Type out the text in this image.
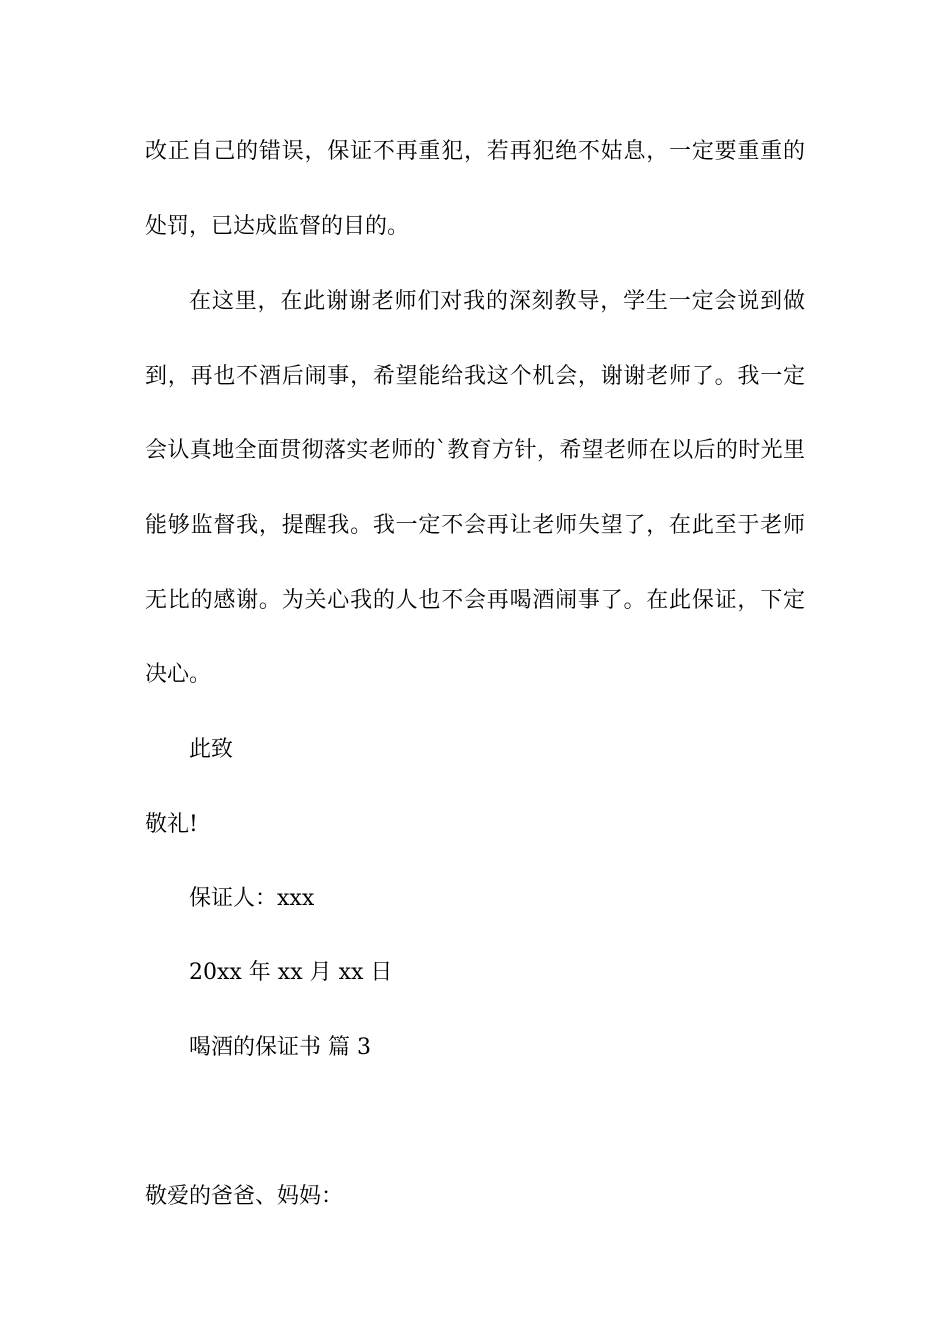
改正自己的错误，保证不再重犯，若再犯绝不姑息，一定要重重的
处罚，已达成监督的目的。
在这里，在此谢谢老师们对我的深刻教导，学生一定会说到做
到，再也不酒后闹事，希望能给我这个机会，谢谢老师了。我一定
会认真地全面贯彻落实老师的`教育方针，希望老师在以后的时光里
能够监督我，提醒我。我一定不会再让老师失望了，在此至于老师
无比的感谢。为关心我的人也不会再喝酒闹事了。在此保证，下定
决心。
此致
敬礼!
保证人：xxx
20xx 年 xx 月 xx 日
喝酒的保证书 篇 3
敬爱的爸爸、妈妈：
